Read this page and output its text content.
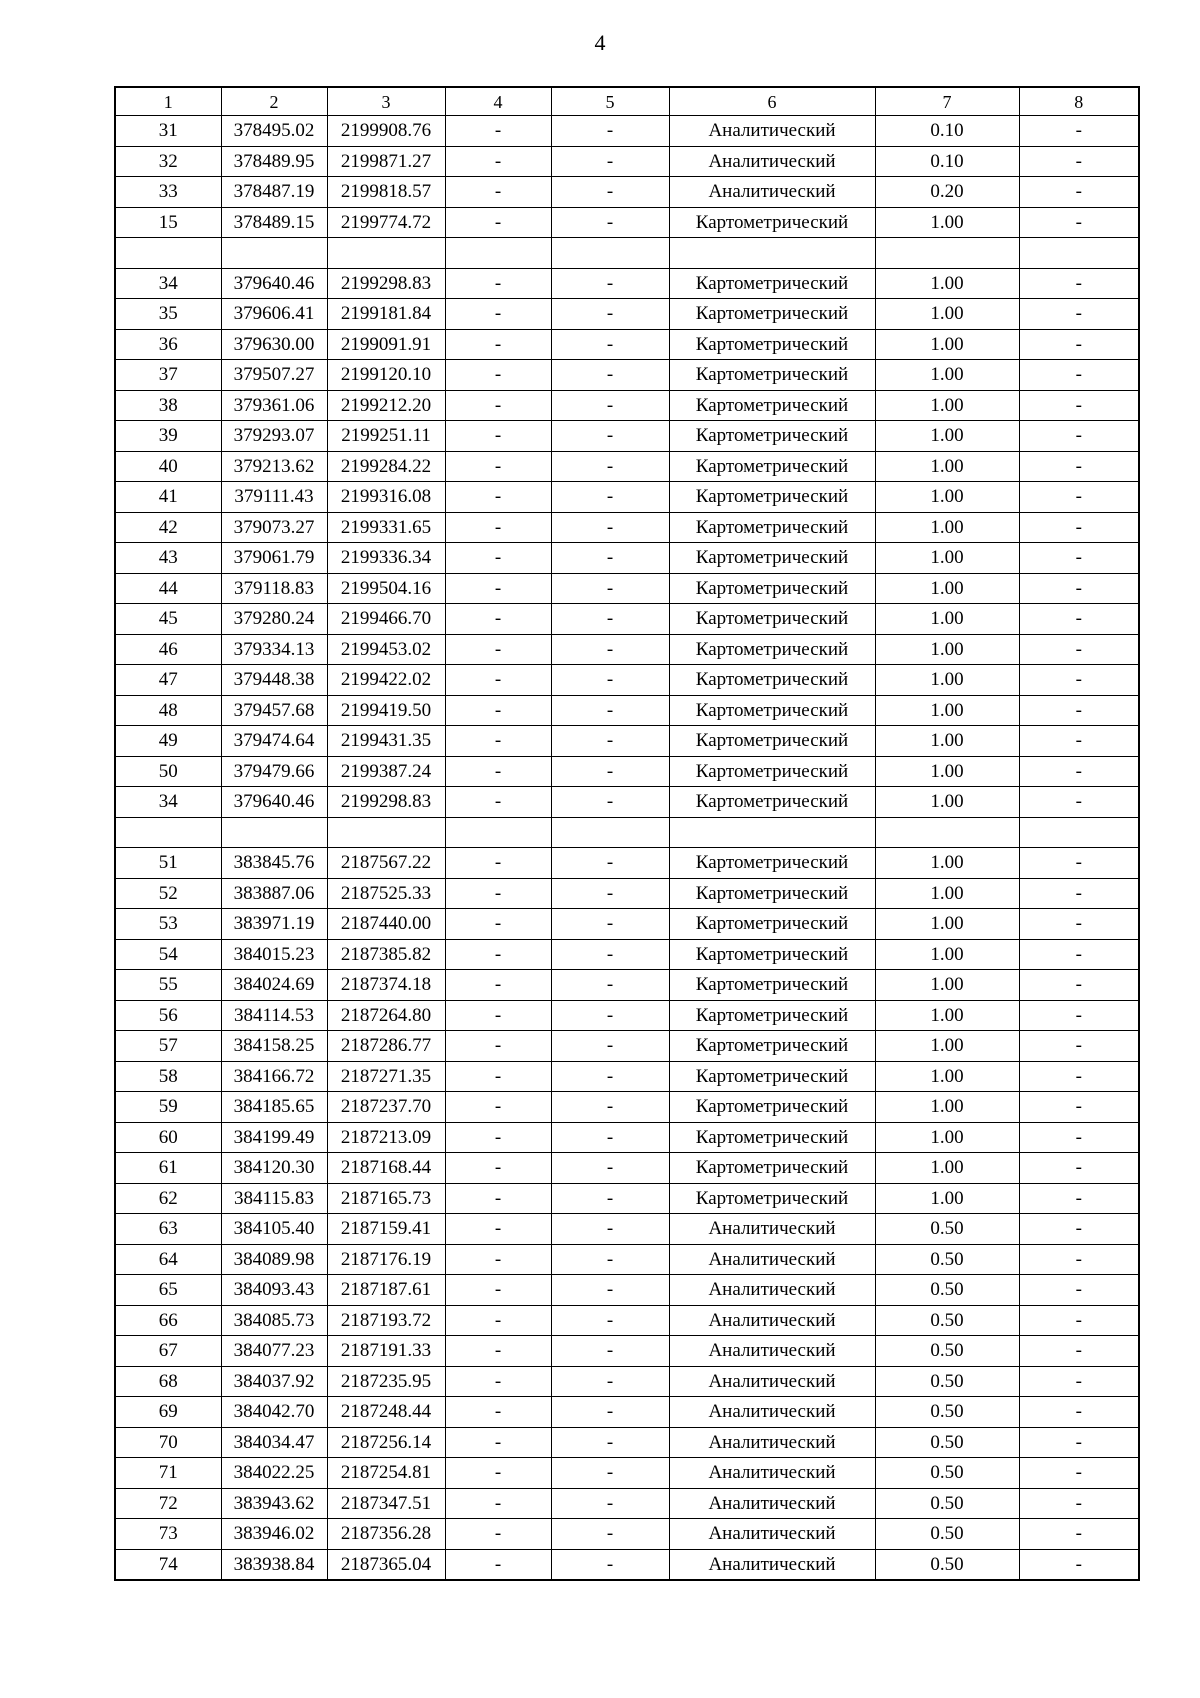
4
1	2	3	4	5	6	7	8
31	378495.02	2199908.76	-	-	Аналитический	0.10	-
32	378489.95	2199871.27	-	-	Аналитический	0.10	-
33	378487.19	2199818.57	-	-	Аналитический	0.20	-
15	378489.15	2199774.72	-	-	Картометрический	1.00	-

34	379640.46	2199298.83	-	-	Картометрический	1.00	-
35	379606.41	2199181.84	-	-	Картометрический	1.00	-
36	379630.00	2199091.91	-	-	Картометрический	1.00	-
37	379507.27	2199120.10	-	-	Картометрический	1.00	-
38	379361.06	2199212.20	-	-	Картометрический	1.00	-
39	379293.07	2199251.11	-	-	Картометрический	1.00	-
40	379213.62	2199284.22	-	-	Картометрический	1.00	-
41	379111.43	2199316.08	-	-	Картометрический	1.00	-
42	379073.27	2199331.65	-	-	Картометрический	1.00	-
43	379061.79	2199336.34	-	-	Картометрический	1.00	-
44	379118.83	2199504.16	-	-	Картометрический	1.00	-
45	379280.24	2199466.70	-	-	Картометрический	1.00	-
46	379334.13	2199453.02	-	-	Картометрический	1.00	-
47	379448.38	2199422.02	-	-	Картометрический	1.00	-
48	379457.68	2199419.50	-	-	Картометрический	1.00	-
49	379474.64	2199431.35	-	-	Картометрический	1.00	-
50	379479.66	2199387.24	-	-	Картометрический	1.00	-
34	379640.46	2199298.83	-	-	Картометрический	1.00	-

51	383845.76	2187567.22	-	-	Картометрический	1.00	-
52	383887.06	2187525.33	-	-	Картометрический	1.00	-
53	383971.19	2187440.00	-	-	Картометрический	1.00	-
54	384015.23	2187385.82	-	-	Картометрический	1.00	-
55	384024.69	2187374.18	-	-	Картометрический	1.00	-
56	384114.53	2187264.80	-	-	Картометрический	1.00	-
57	384158.25	2187286.77	-	-	Картометрический	1.00	-
58	384166.72	2187271.35	-	-	Картометрический	1.00	-
59	384185.65	2187237.70	-	-	Картометрический	1.00	-
60	384199.49	2187213.09	-	-	Картометрический	1.00	-
61	384120.30	2187168.44	-	-	Картометрический	1.00	-
62	384115.83	2187165.73	-	-	Картометрический	1.00	-
63	384105.40	2187159.41	-	-	Аналитический	0.50	-
64	384089.98	2187176.19	-	-	Аналитический	0.50	-
65	384093.43	2187187.61	-	-	Аналитический	0.50	-
66	384085.73	2187193.72	-	-	Аналитический	0.50	-
67	384077.23	2187191.33	-	-	Аналитический	0.50	-
68	384037.92	2187235.95	-	-	Аналитический	0.50	-
69	384042.70	2187248.44	-	-	Аналитический	0.50	-
70	384034.47	2187256.14	-	-	Аналитический	0.50	-
71	384022.25	2187254.81	-	-	Аналитический	0.50	-
72	383943.62	2187347.51	-	-	Аналитический	0.50	-
73	383946.02	2187356.28	-	-	Аналитический	0.50	-
74	383938.84	2187365.04	-	-	Аналитический	0.50	-
